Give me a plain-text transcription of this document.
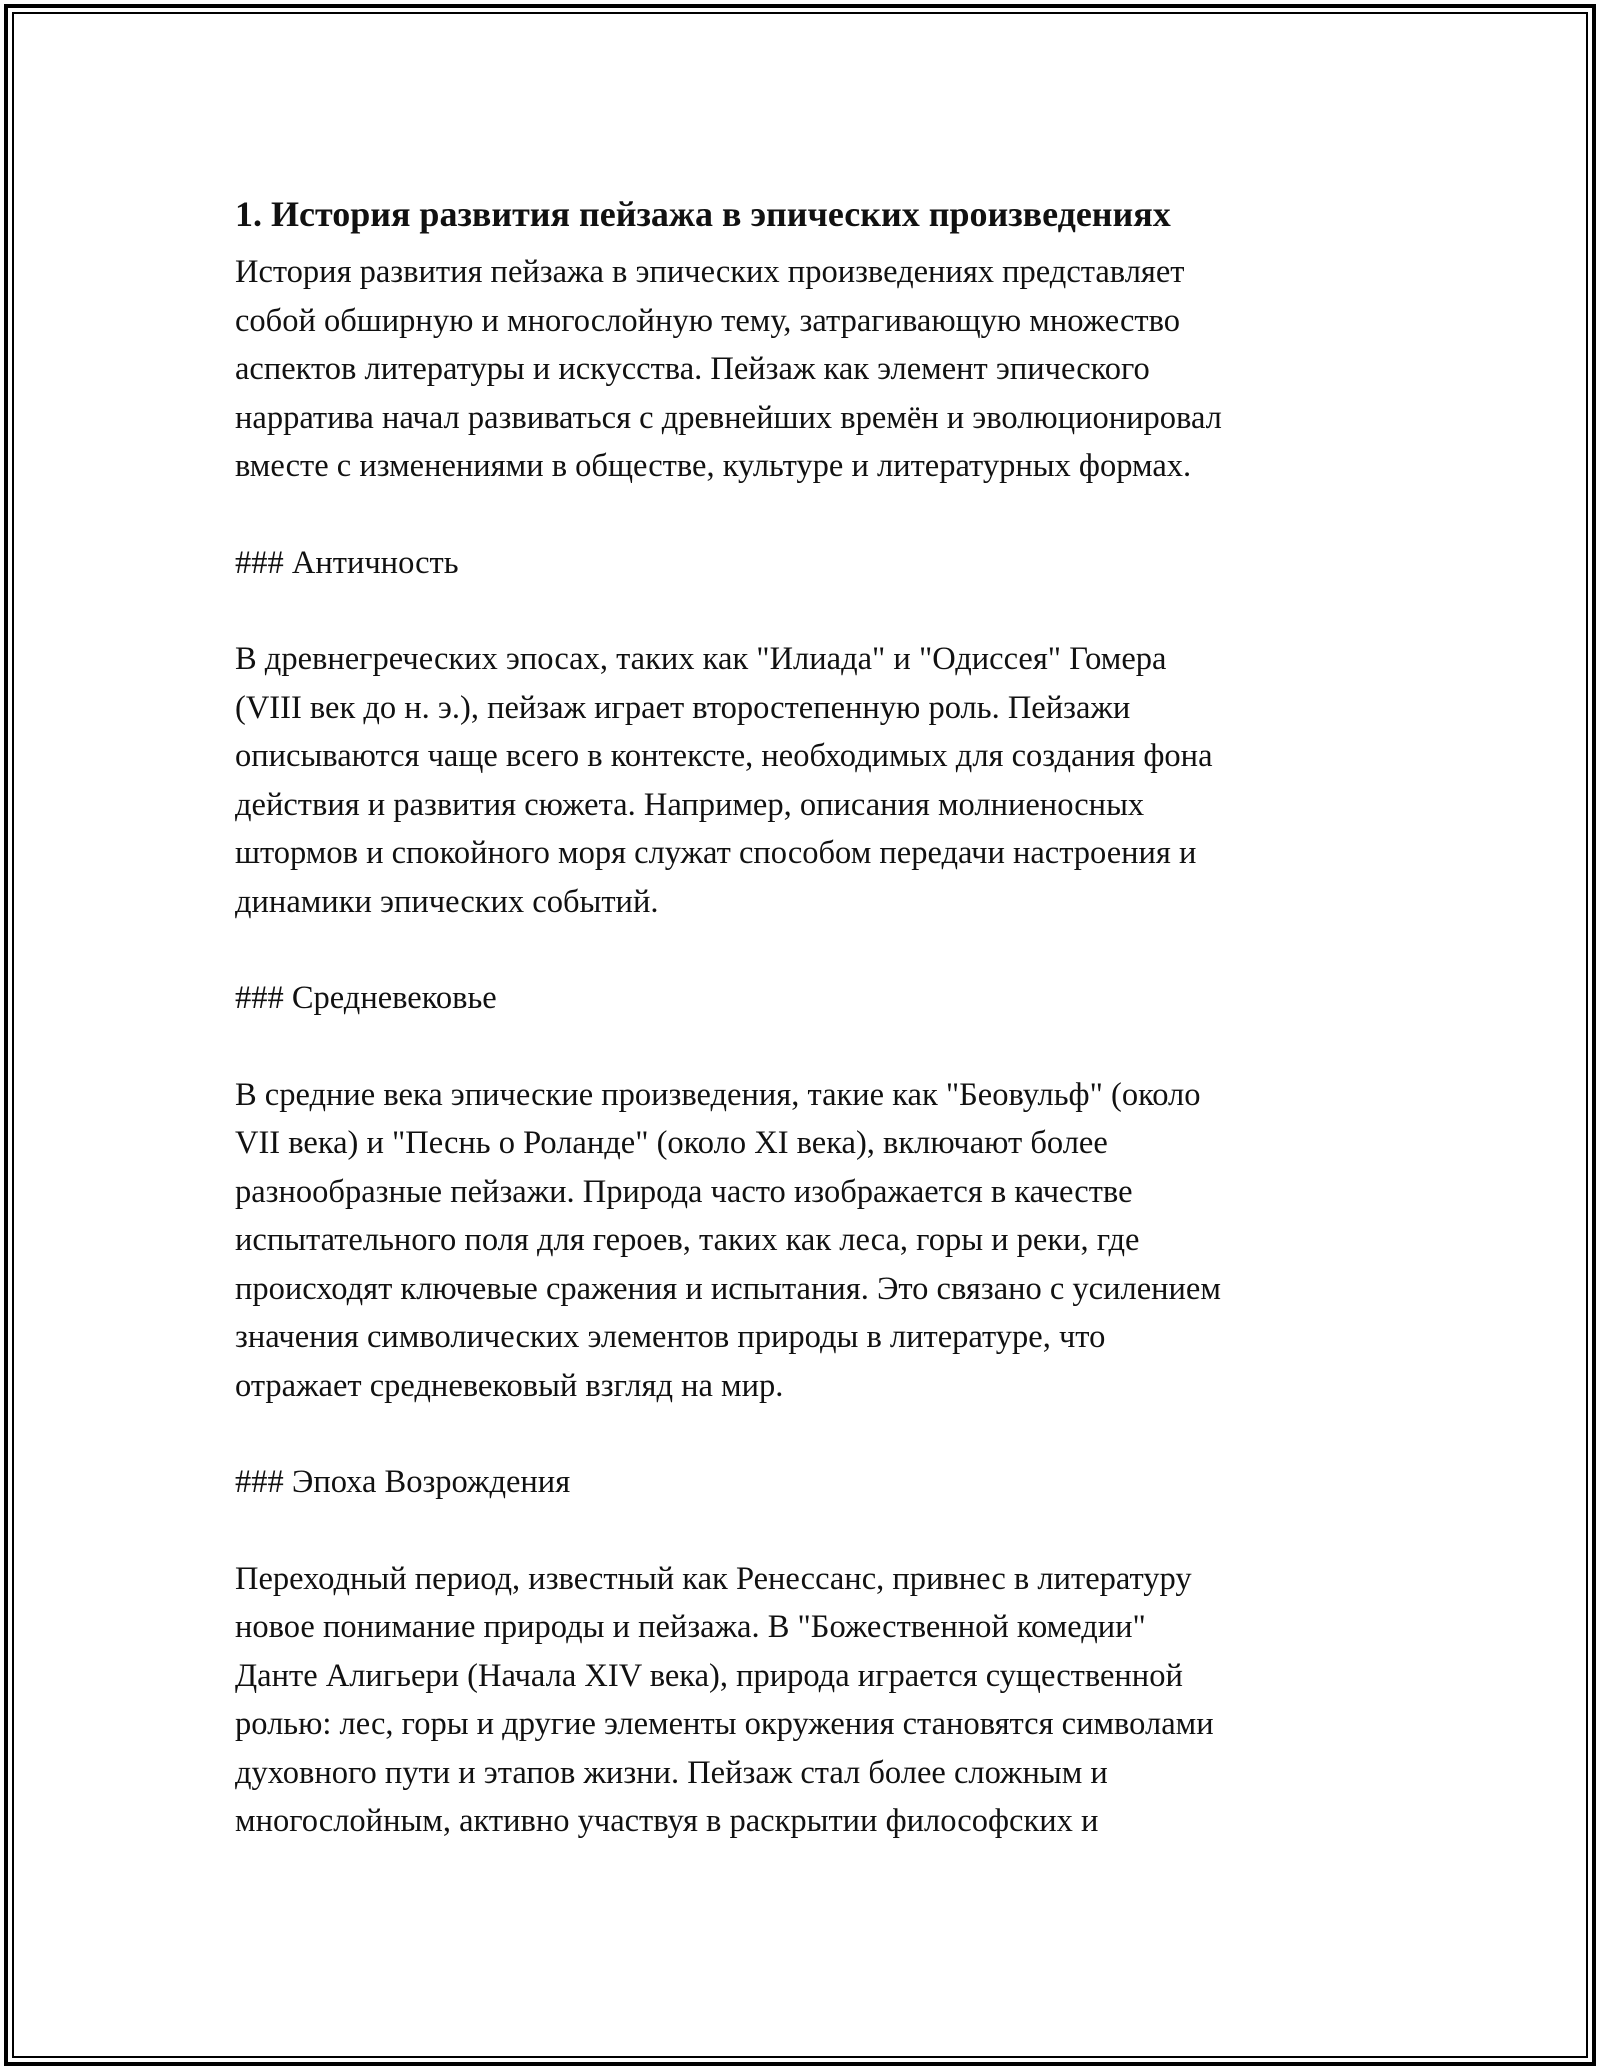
1. История развития пейзажа в эпических произведениях
История развития пейзажа в эпических произведениях представляет
собой обширную и многослойную тему, затрагивающую множество
аспектов литературы и искусства. Пейзаж как элемент эпического
нарратива начал развиваться с древнейших времён и эволюционировал
вместе с изменениями в обществе, культуре и литературных формах.
### Античность
В древнегреческих эпосах, таких как "Илиада" и "Одиссея" Гомера
(VIII век до н. э.), пейзаж играет второстепенную роль. Пейзажи
описываются чаще всего в контексте, необходимых для создания фона
действия и развития сюжета. Например, описания молниеносных
штормов и спокойного моря служат способом передачи настроения и
динамики эпических событий.
### Средневековье
В средние века эпические произведения, такие как "Беовульф" (около
VII века) и "Песнь о Роланде" (около XI века), включают более
разнообразные пейзажи. Природа часто изображается в качестве
испытательного поля для героев, таких как леса, горы и реки, где
происходят ключевые сражения и испытания. Это связано с усилением
значения символических элементов природы в литературе, что
отражает средневековый взгляд на мир.
### Эпоха Возрождения
Переходный период, известный как Ренессанс, привнес в литературу
новое понимание природы и пейзажа. В "Божественной комедии"
Данте Алигьери (Начала XIV века), природа играется существенной
ролью: лес, горы и другие элементы окружения становятся символами
духовного пути и этапов жизни. Пейзаж стал более сложным и
многослойным, активно участвуя в раскрытии философских и
